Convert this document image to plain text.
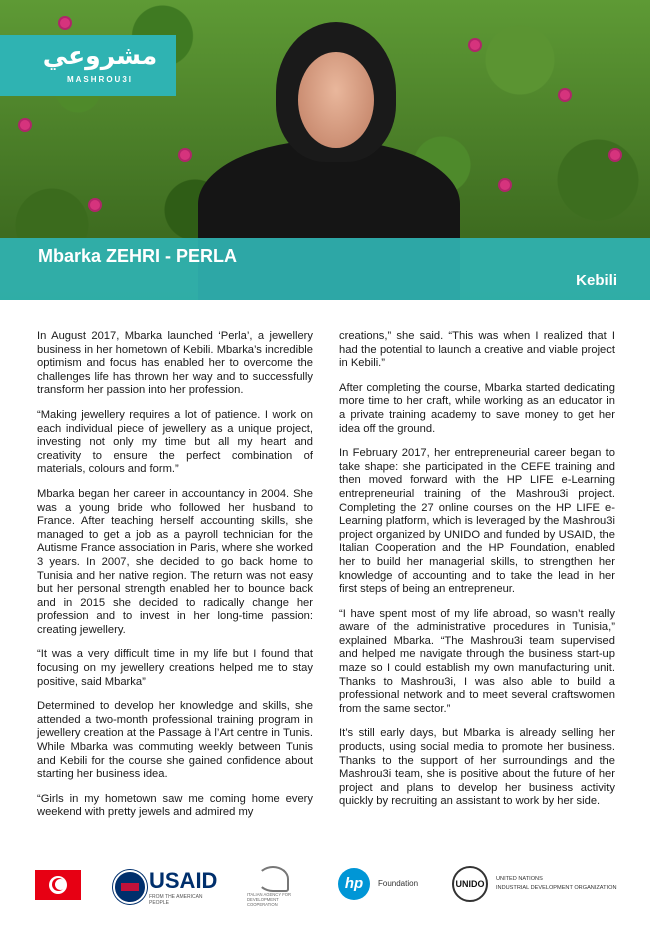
مشروعي
MASHROU3I
Mbarka ZEHRI - PERLA
Kebili

In August 2017, Mbarka launched ‘Perla’, a jewellery business in her hometown of Kebili. Mbarka’s incredible optimism and focus has enabled her to overcome the challenges life has thrown her way and to successfully transform her passion into her profession.

“Making jewellery requires a lot of patience. I work on each individual piece of jewellery as a unique project, investing not only my time but all my heart and creativity to ensure the perfect combination of materials, colours and form.”

Mbarka began her career in accountancy in 2004. She was a young bride who followed her husband to France. After teaching herself accounting skills, she managed to get a job as a payroll technician for the Autisme France association in Paris, where she worked 3 years. In 2007, she decided to go back home to Tunisia and her native region. The return was not easy but her personal strength enabled her to bounce back and in 2015 she decided to radically change her profession and to invest in her long-time passion: creating jewellery.

“It was a very difficult time in my life but I found that focusing on my jewellery creations helped me to stay positive, said Mbarka”

Determined to develop her knowledge and skills, she attended a two-month professional training program in jewellery creation at the Passage à l’Art centre in Tunis. While Mbarka was commuting weekly between Tunis and Kebili for the course she gained confidence about starting her business idea.

“Girls in my hometown saw me coming home every weekend with pretty jewels and admired my

creations,” she said. “This was when I realized that I had the potential to launch a creative and viable project in Kebili.”

After completing the course, Mbarka started dedicating more time to her craft, while working as an educator in a private training academy to save money to get her idea off the ground.

In February 2017, her entrepreneurial career began to take shape: she participated in the CEFE training and then moved forward with the HP LIFE e-Learning entrepreneurial training of the Mashrou3i project. Completing the 27 online courses on the HP LIFE e-Learning platform, which is leveraged by the Mashrou3i project organized by UNIDO and funded by USAID, the Italian Cooperation and the HP Foundation, enabled her to build her managerial skills, to strengthen her knowledge of accounting and to take the lead in her first steps of being an entrepreneur.

“I have spent most of my life abroad, so wasn’t really aware of the administrative procedures in Tunisia,” explained Mbarka. “The Mashrou3i team supervised and helped me navigate through the business start-up maze so I could establish my own manufacturing unit. Thanks to Mashrou3i, I was also able to build a professional network and to meet several craftswomen from the same sector.”

It’s still early days, but Mbarka is already selling her products, using social media to promote her business. Thanks to the support of her surroundings and the Mashrou3i team, she is positive about the future of her project and plans to develop her business activity quickly by recruiting an assistant to work by her side.

USAID
FROM THE AMERICAN PEOPLE
ITALIAN AGENCY FOR DEVELOPMENT COOPERATION
hp	Foundation	UNIDO UNITED NATIONS
INDUSTRIAL DEVELOPMENT ORGANIZATION
